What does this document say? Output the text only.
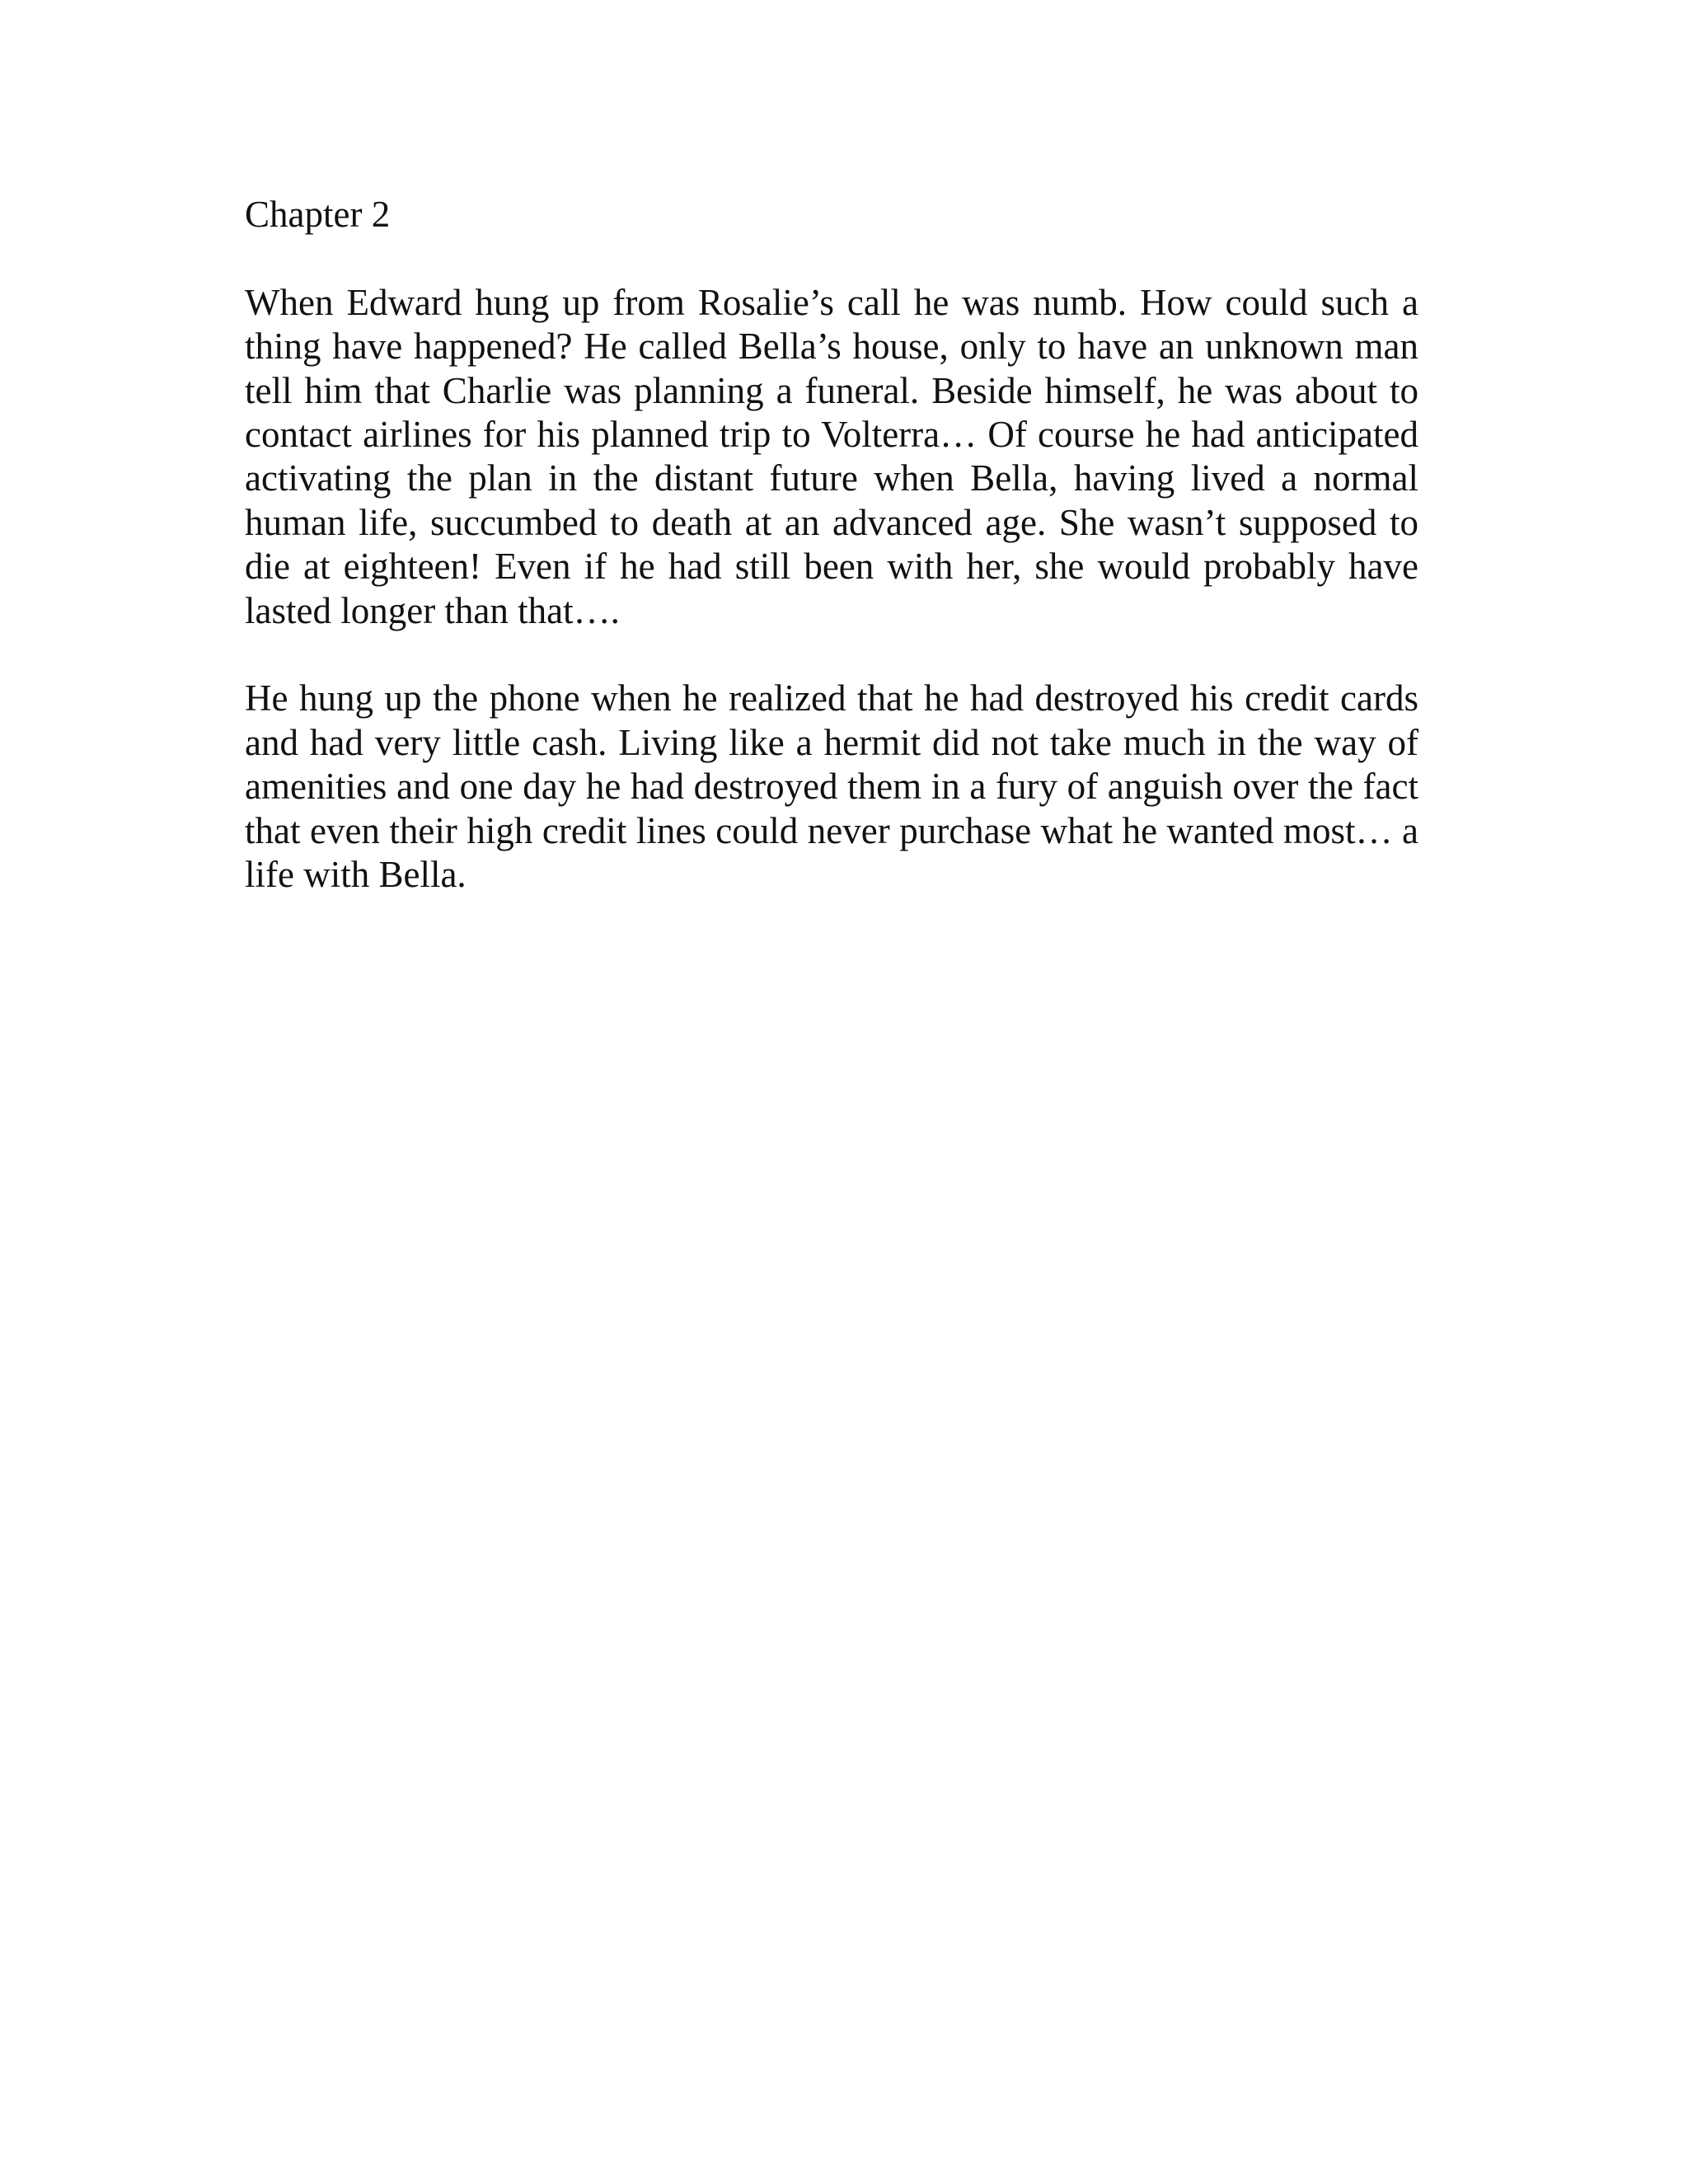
Chapter 2

When Edward hung up from Rosalie’s call he was numb. How could such a thing have happened? He called Bella’s house, only to have an unknown man tell him that Charlie was planning a funeral. Beside himself, he was about to contact airlines for his planned trip to Volterra… Of course he had anticipated activating the plan in the distant future when Bella, having lived a normal human life, succumbed to death at an advanced age. She wasn’t supposed to die at eighteen! Even if he had still been with her, she would probably have lasted longer than that….

He hung up the phone when he realized that he had destroyed his credit cards and had very little cash. Living like a hermit did not take much in the way of amenities and one day he had destroyed them in a fury of anguish over the fact that even their high credit lines could never purchase what he wanted most… a life with Bella.
